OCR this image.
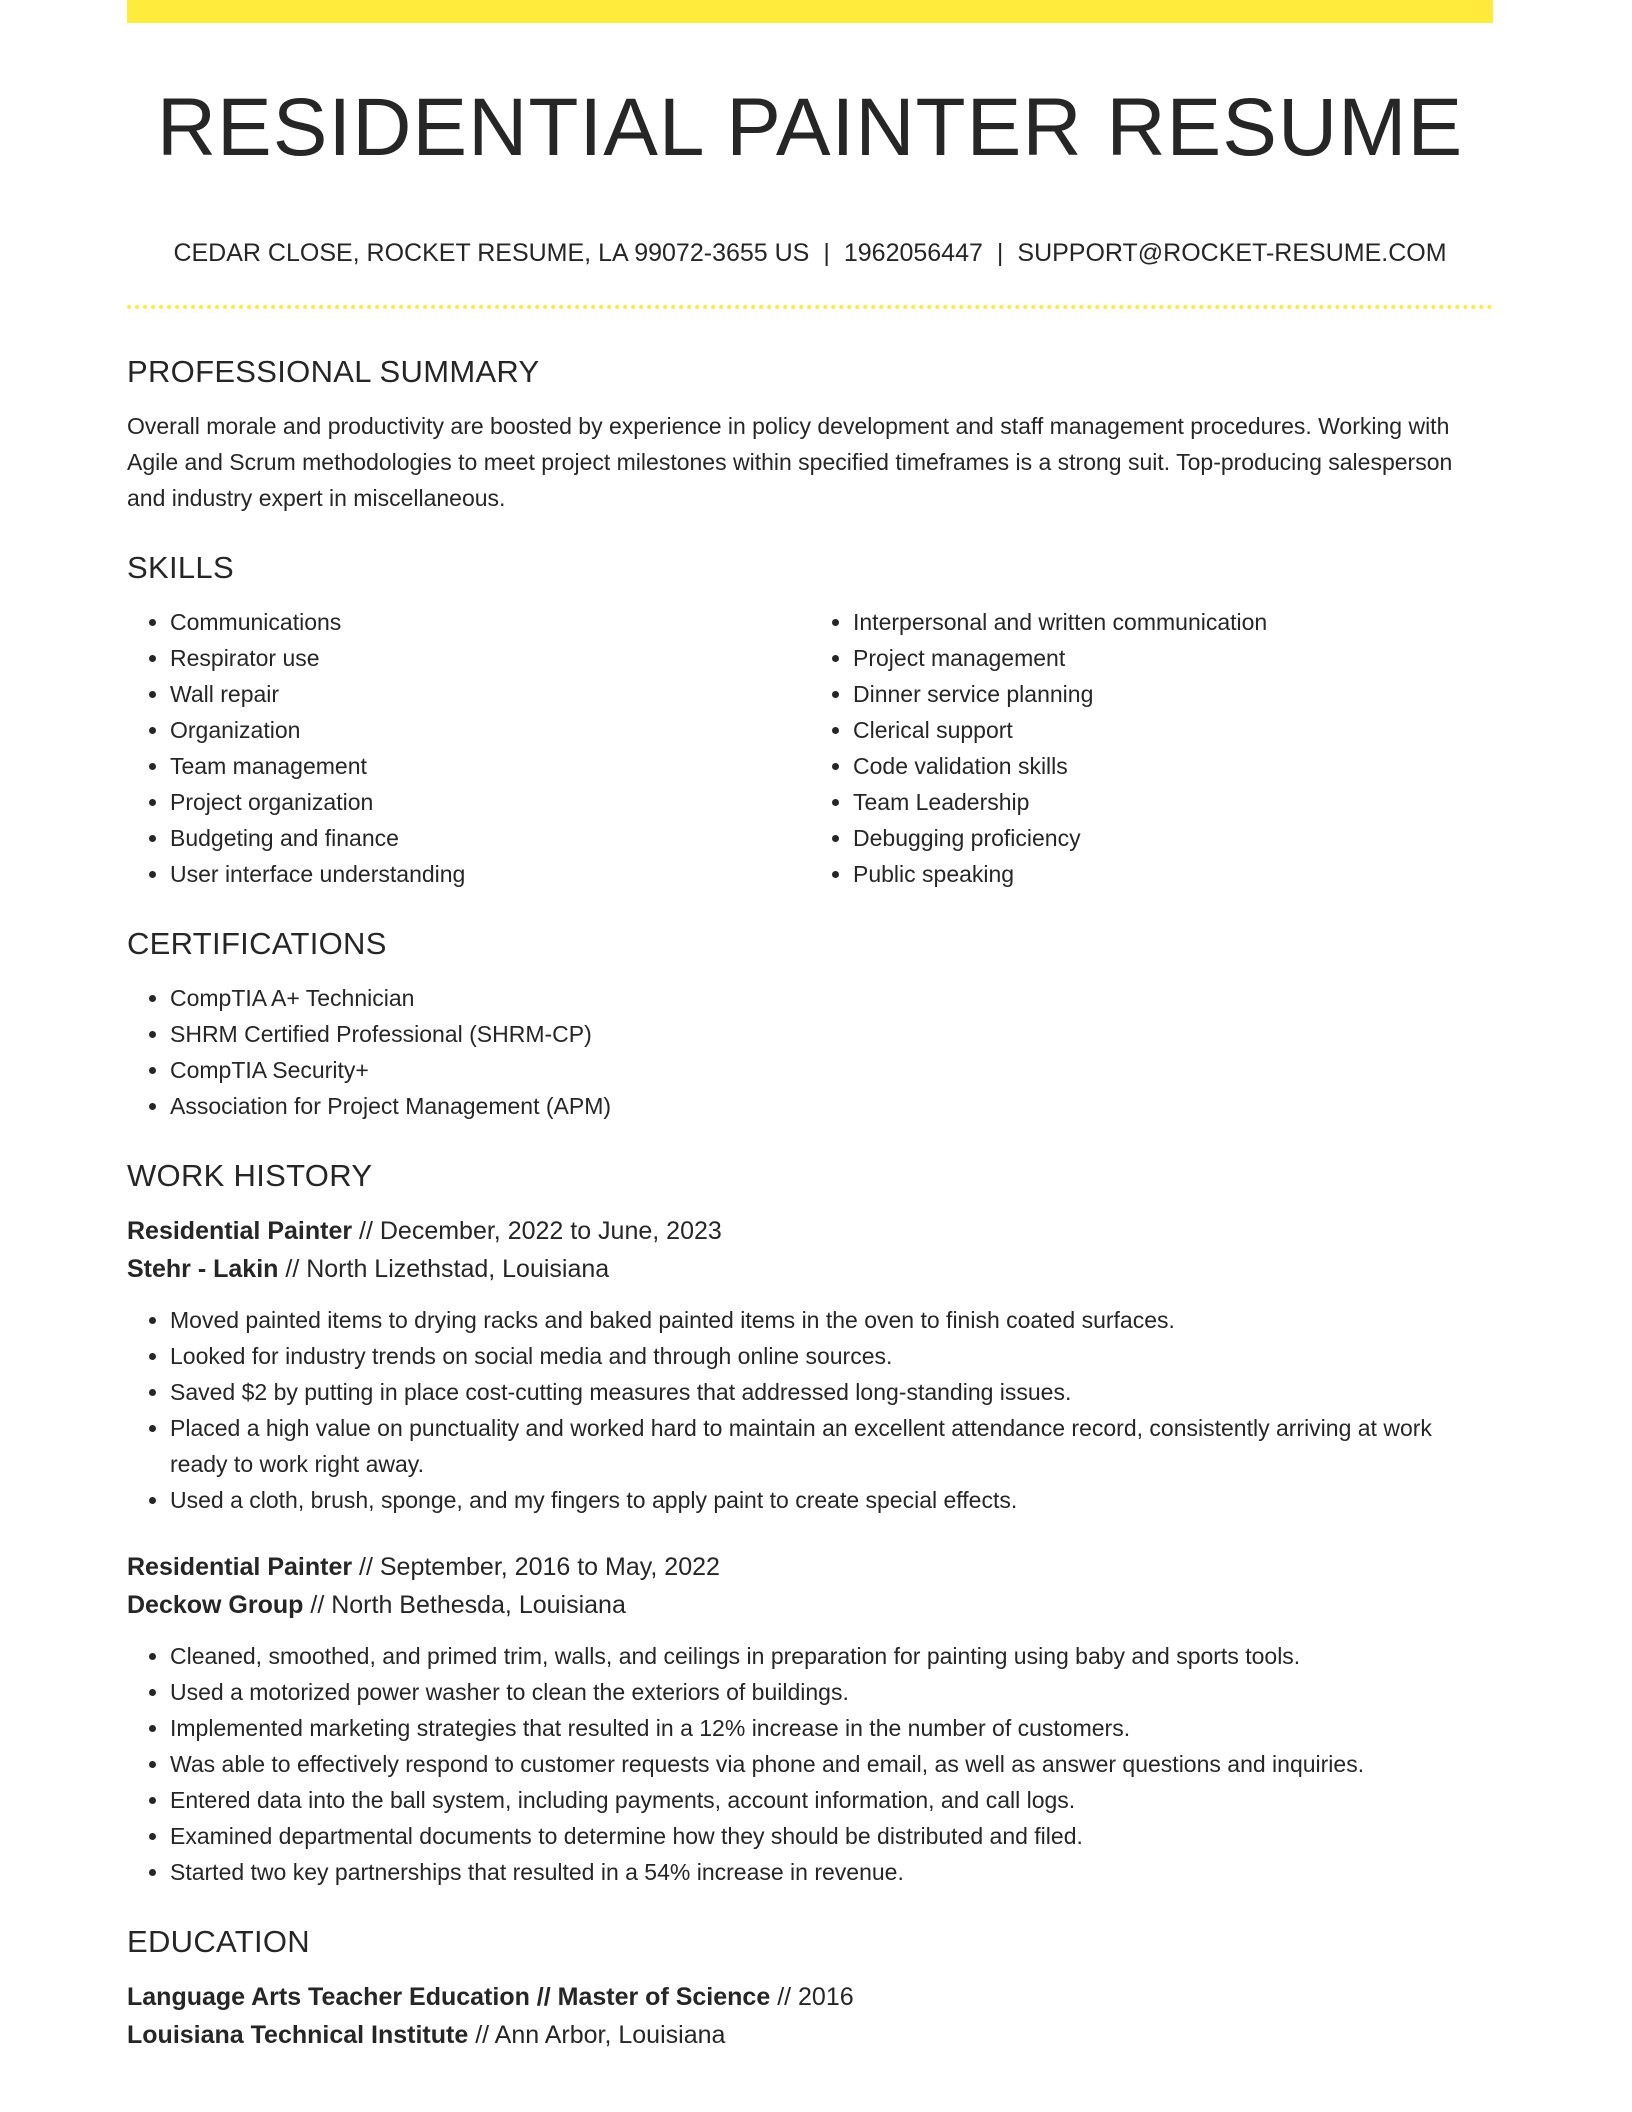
RESIDENTIAL PAINTER RESUME
CEDAR CLOSE, ROCKET RESUME, LA 99072-3655 US | 1962056447 | SUPPORT@ROCKET-RESUME.COM
PROFESSIONAL SUMMARY

Overall morale and productivity are boosted by experience in policy development and staff management procedures. Working with Agile and Scrum methodologies to meet project milestones within specified timeframes is a strong suit. Top-producing salesperson and industry expert in miscellaneous.

SKILLS
• Communications
• Respirator use
• Wall repair
• Organization
• Team management
• Project organization
• Budgeting and finance
• User interface understanding
• Interpersonal and written communication
• Project management
• Dinner service planning
• Clerical support
• Code validation skills
• Team Leadership
• Debugging proficiency
• Public speaking
CERTIFICATIONS
• CompTIA A+ Technician
• SHRM Certified Professional (SHRM-CP)
• CompTIA Security+
• Association for Project Management (APM)
WORK HISTORY
Residential Painter // December, 2022 to June, 2023
Stehr - Lakin // North Lizethstad, Louisiana
• Moved painted items to drying racks and baked painted items in the oven to finish coated surfaces.
• Looked for industry trends on social media and through online sources.
• Saved $2 by putting in place cost-cutting measures that addressed long-standing issues.
• Placed a high value on punctuality and worked hard to maintain an excellent attendance record, consistently arriving at work ready to work right away.
• Used a cloth, brush, sponge, and my fingers to apply paint to create special effects.
Residential Painter // September, 2016 to May, 2022
Deckow Group // North Bethesda, Louisiana
• Cleaned, smoothed, and primed trim, walls, and ceilings in preparation for painting using baby and sports tools.
• Used a motorized power washer to clean the exteriors of buildings.
• Implemented marketing strategies that resulted in a 12% increase in the number of customers.
• Was able to effectively respond to customer requests via phone and email, as well as answer questions and inquiries.
• Entered data into the ball system, including payments, account information, and call logs.
• Examined departmental documents to determine how they should be distributed and filed.
• Started two key partnerships that resulted in a 54% increase in revenue.
EDUCATION
Language Arts Teacher Education // Master of Science // 2016
Louisiana Technical Institute // Ann Arbor, Louisiana
